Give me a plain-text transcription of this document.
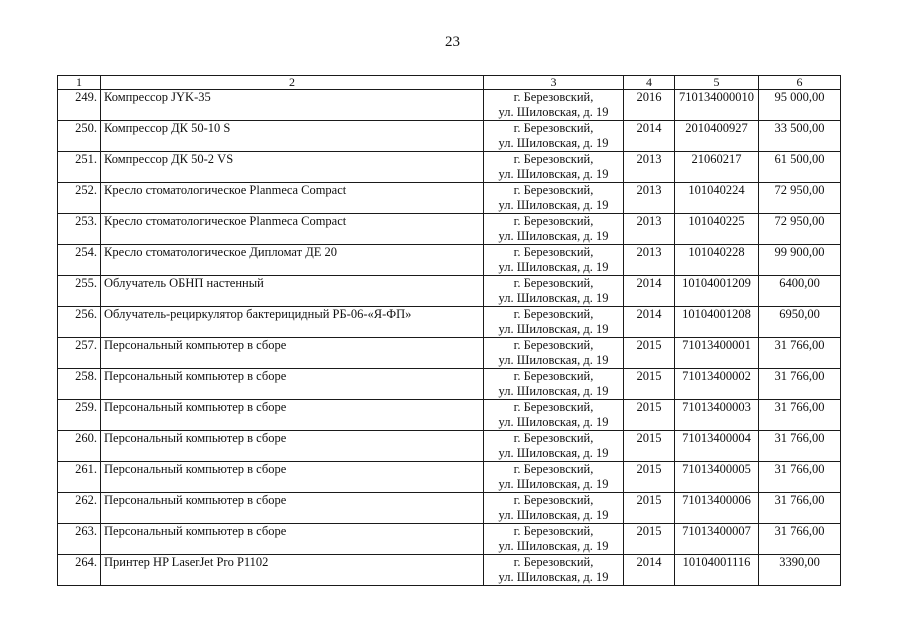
23
1	2	3	4	5	6
249.	Компрессор JYK-35	г. Березовский,
ул. Шиловская, д. 19	2016	710134000010	95 000,00
250.	Компрессор ДК 50-10 S	г. Березовский,
ул. Шиловская, д. 19	2014	2010400927	33 500,00
251.	Компрессор ДК 50-2 VS	г. Березовский,
ул. Шиловская, д. 19	2013	21060217	61 500,00
252.	Кресло стоматологическое Planmeca Compact	г. Березовский,
ул. Шиловская, д. 19	2013	101040224	72 950,00
253.	Кресло стоматологическое Planmeca Compact	г. Березовский,
ул. Шиловская, д. 19	2013	101040225	72 950,00
254.	Кресло стоматологическое Дипломат ДЕ 20	г. Березовский,
ул. Шиловская, д. 19	2013	101040228	99 900,00
255.	Облучатель ОБНП настенный	г. Березовский,
ул. Шиловская, д. 19	2014	10104001209	6400,00
256.	Облучатель-рециркулятор бактерицидный РБ-06-«Я-ФП»	г. Березовский,
ул. Шиловская, д. 19	2014	10104001208	6950,00
257.	Персональный компьютер в сборе	г. Березовский,
ул. Шиловская, д. 19	2015	71013400001	31 766,00
258.	Персональный компьютер в сборе	г. Березовский,
ул. Шиловская, д. 19	2015	71013400002	31 766,00
259.	Персональный компьютер в сборе	г. Березовский,
ул. Шиловская, д. 19	2015	71013400003	31 766,00
260.	Персональный компьютер в сборе	г. Березовский,
ул. Шиловская, д. 19	2015	71013400004	31 766,00
261.	Персональный компьютер в сборе	г. Березовский,
ул. Шиловская, д. 19	2015	71013400005	31 766,00
262.	Персональный компьютер в сборе	г. Березовский,
ул. Шиловская, д. 19	2015	71013400006	31 766,00
263.	Персональный компьютер в сборе	г. Березовский,
ул. Шиловская, д. 19	2015	71013400007	31 766,00
264.	Принтер HP LaserJet Pro P1102	г. Березовский,
ул. Шиловская, д. 19	2014	10104001116	3390,00
